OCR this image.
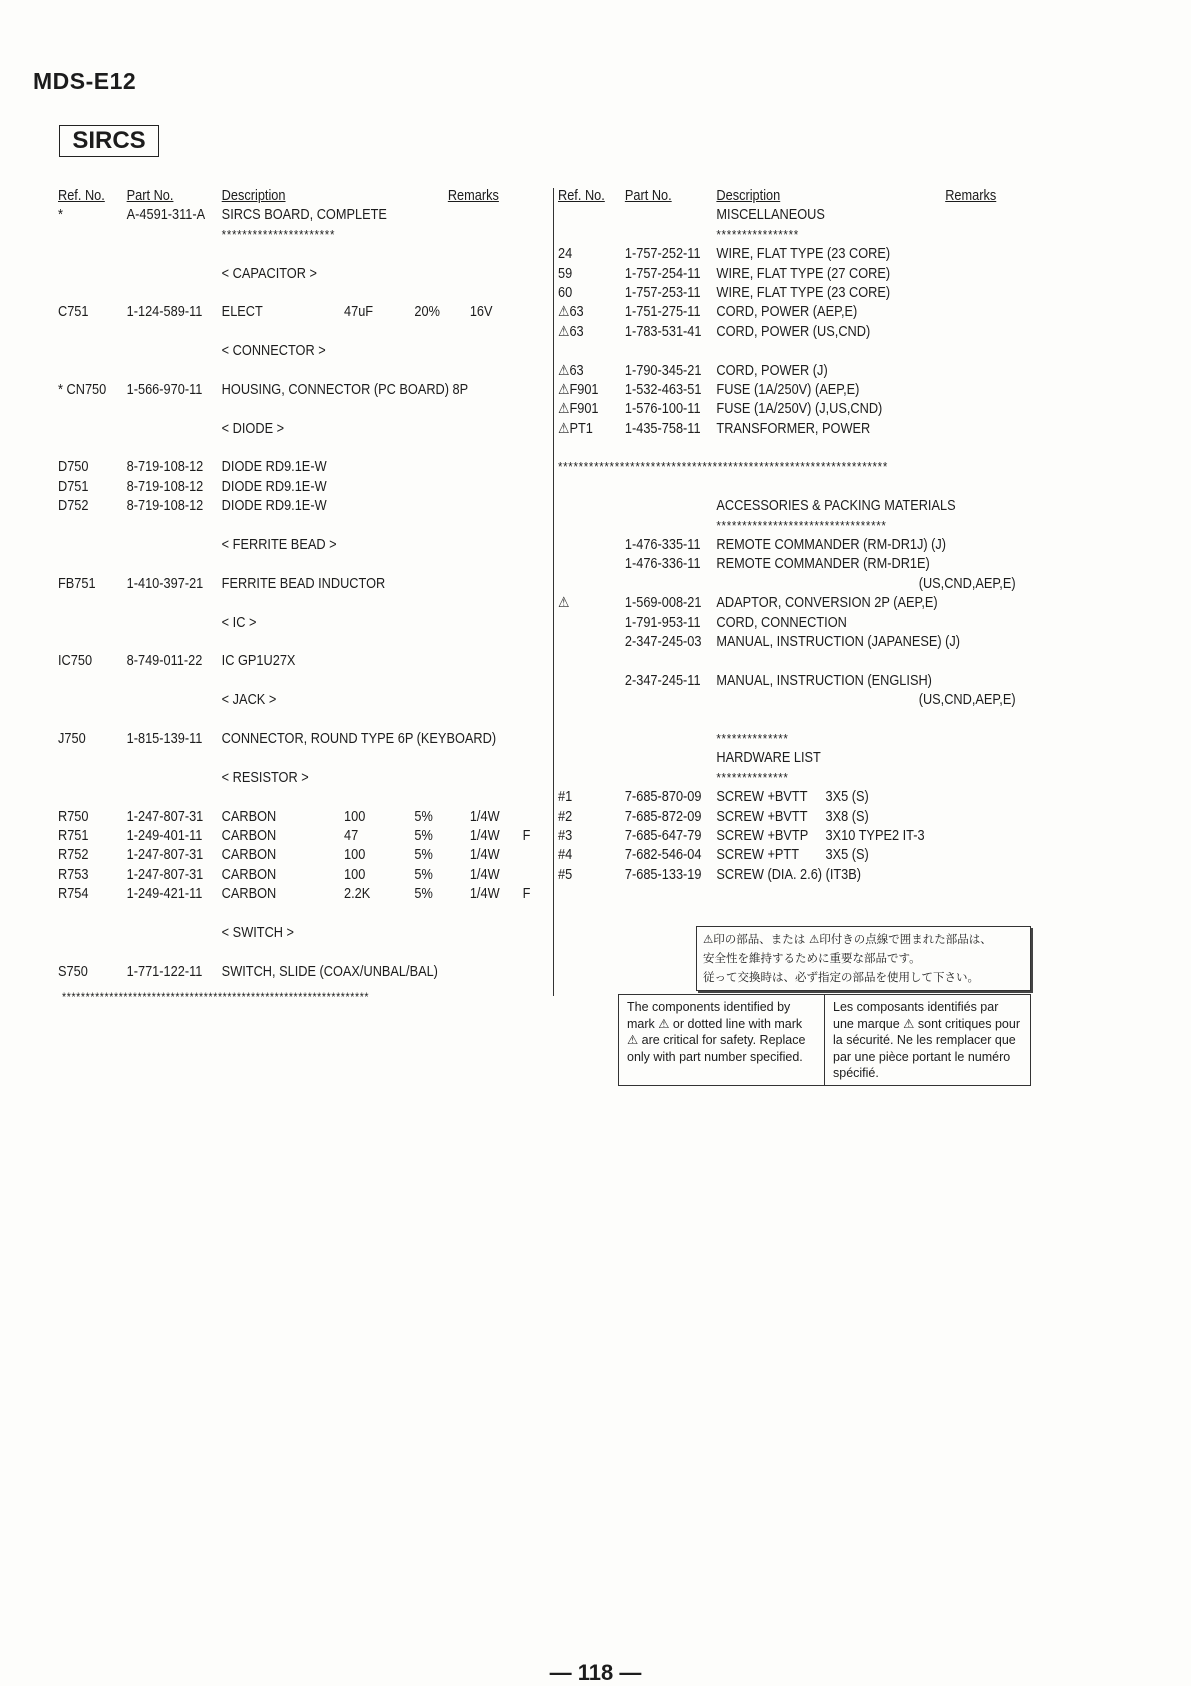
MDS-E12
SIRCS
Ref. No. Part No.	Description	Remarks
*	A-4591-311-A SIRCS BOARD, COMPLETE
**********************
< CAPACITOR >
C751	1-124-589-11 ELECT	47uF	20% 16V
< CONNECTOR >
* CN750 1-566-970-11 HOUSING, CONNECTOR (PC BOARD) 8P
< DIODE >
D750	8-719-108-12 DIODE RD9.1E-W
D751	8-719-108-12 DIODE RD9.1E-W
D752	8-719-108-12 DIODE RD9.1E-W
< FERRITE BEAD >
FB751 1-410-397-21 FERRITE BEAD INDUCTOR
< IC >
IC750 8-749-011-22 IC GP1U27X
< JACK >
J750	1-815-139-11 CONNECTOR, ROUND TYPE 6P (KEYBOARD)
< RESISTOR >
R750	1-247-807-31 CARBON	100	5%	1/4W
R751	1-249-401-11 CARBON	47	5%	1/4W F
R752	1-247-807-31 CARBON	100	5%	1/4W
R753	1-247-807-31 CARBON	100	5%	1/4W
R754	1-249-421-11 CARBON	2.2K	5%	1/4W F
< SWITCH >
S750	1-771-122-11 SWITCH, SLIDE (COAX/UNBAL/BAL)
Ref. No. Part No.	Description	Remarks
MISCELLANEOUS
****************
24	1-757-252-11 WIRE, FLAT TYPE (23 CORE)
59	1-757-254-11 WIRE, FLAT TYPE (27 CORE)
60	1-757-253-11 WIRE, FLAT TYPE (23 CORE)
⚠63	1-751-275-11 CORD, POWER (AEP,E)
⚠63	1-783-531-41 CORD, POWER (US,CND)
⚠63	1-790-345-21 CORD, POWER (J)
⚠F901 1-532-463-51 FUSE (1A/250V) (AEP,E)
⚠F901 1-576-100-11 FUSE (1A/250V) (J,US,CND)
⚠PT1 1-435-758-11 TRANSFORMER, POWER
****************************************************************
ACCESSORIES & PACKING MATERIALS
*********************************
1-476-335-11 REMOTE COMMANDER (RM-DR1J) (J)
1-476-336-11 REMOTE COMMANDER (RM-DR1E)
(US,CND,AEP,E)
⚠	1-569-008-21 ADAPTOR, CONVERSION 2P (AEP,E)
1-791-953-11 CORD, CONNECTION
2-347-245-03 MANUAL, INSTRUCTION (JAPANESE) (J)
2-347-245-11 MANUAL, INSTRUCTION (ENGLISH)
(US,CND,AEP,E)
**************
HARDWARE LIST
**************
#1	7-685-870-09 SCREW +BVTT 3X5 (S)
#2	7-685-872-09 SCREW +BVTT 3X8 (S)
#3	7-685-647-79 SCREW +BVTP 3X10 TYPE2 IT-3
#4	7-682-546-04 SCREW +PTT 3X5 (S)
#5	7-685-133-19 SCREW (DIA. 2.6) (IT3B)
*****************************************************************
⚠印の部品、または ⚠印付きの点線で囲まれた部品は、
安全性を維持するために重要な部品です。
従って交換時は、必ず指定の部品を使用して下さい。
The components identified by mark ⚠ or dotted line with mark ⚠ are critical for safety. Replace only with part number specified.
Les composants identifiés par une marque ⚠ sont critiques pour la sécurité. Ne les remplacer que par une pièce portant le numéro spécifié.
— 118 —
